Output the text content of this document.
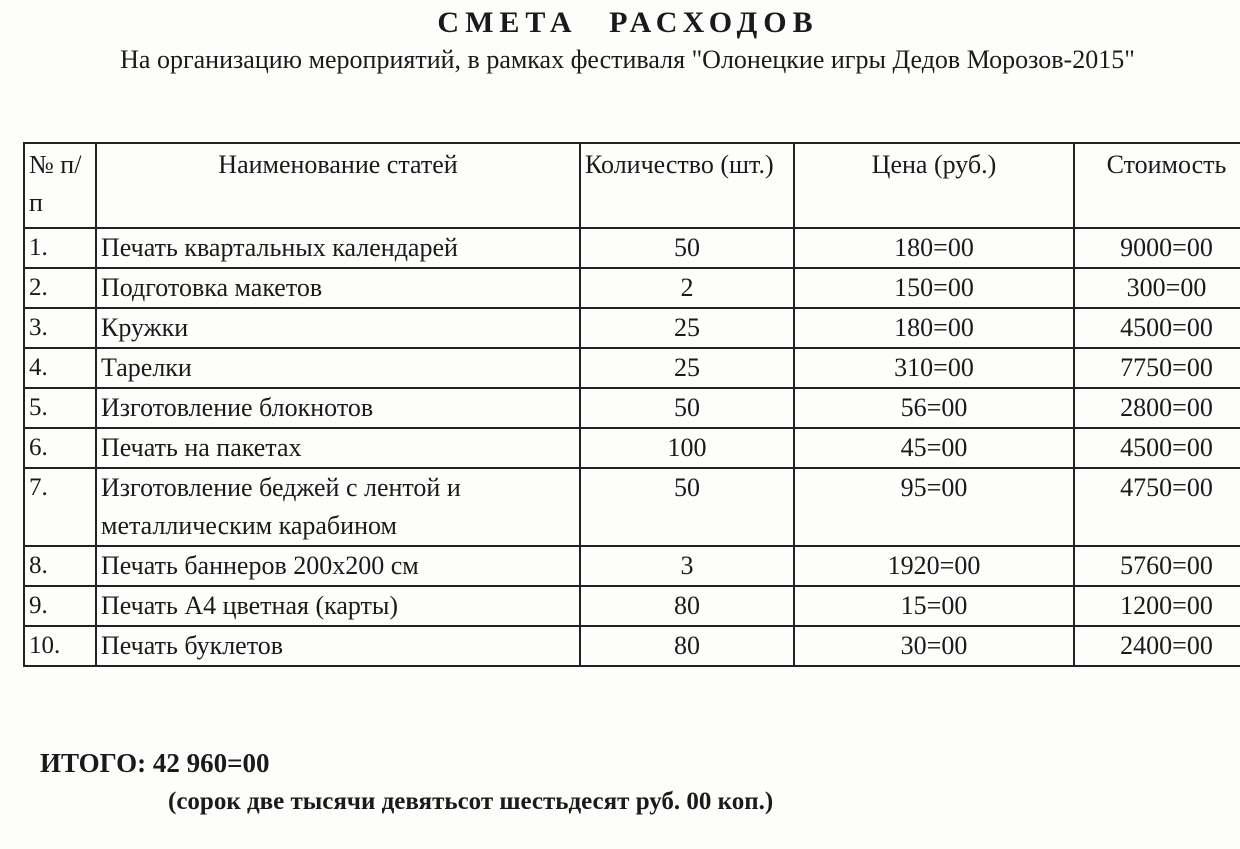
СМЕТА РАСХОДОВ
На организацию мероприятий, в рамках фестиваля "Олонецкие игры Дедов Морозов-2015"
№ п/п	Наименование статей	Количество (шт.)	Цена (руб.)	Стоимость
1.	Печать квартальных календарей	50	180=00	9000=00
2.	Подготовка макетов	2	150=00	300=00
3.	Кружки	25	180=00	4500=00
4.	Тарелки	25	310=00	7750=00
5.	Изготовление блокнотов	50	56=00	2800=00
6.	Печать на пакетах	100	45=00	4500=00
7.	Изготовление беджей с лентой и металлическим карабином	50	95=00	4750=00
8.	Печать баннеров 200х200 см	3	1920=00	5760=00
9.	Печать А4 цветная (карты)	80	15=00	1200=00
10.	Печать буклетов	80	30=00	2400=00
ИТОГО: 42 960=00
(сорок две тысячи девятьсот шестьдесят руб. 00 коп.)
